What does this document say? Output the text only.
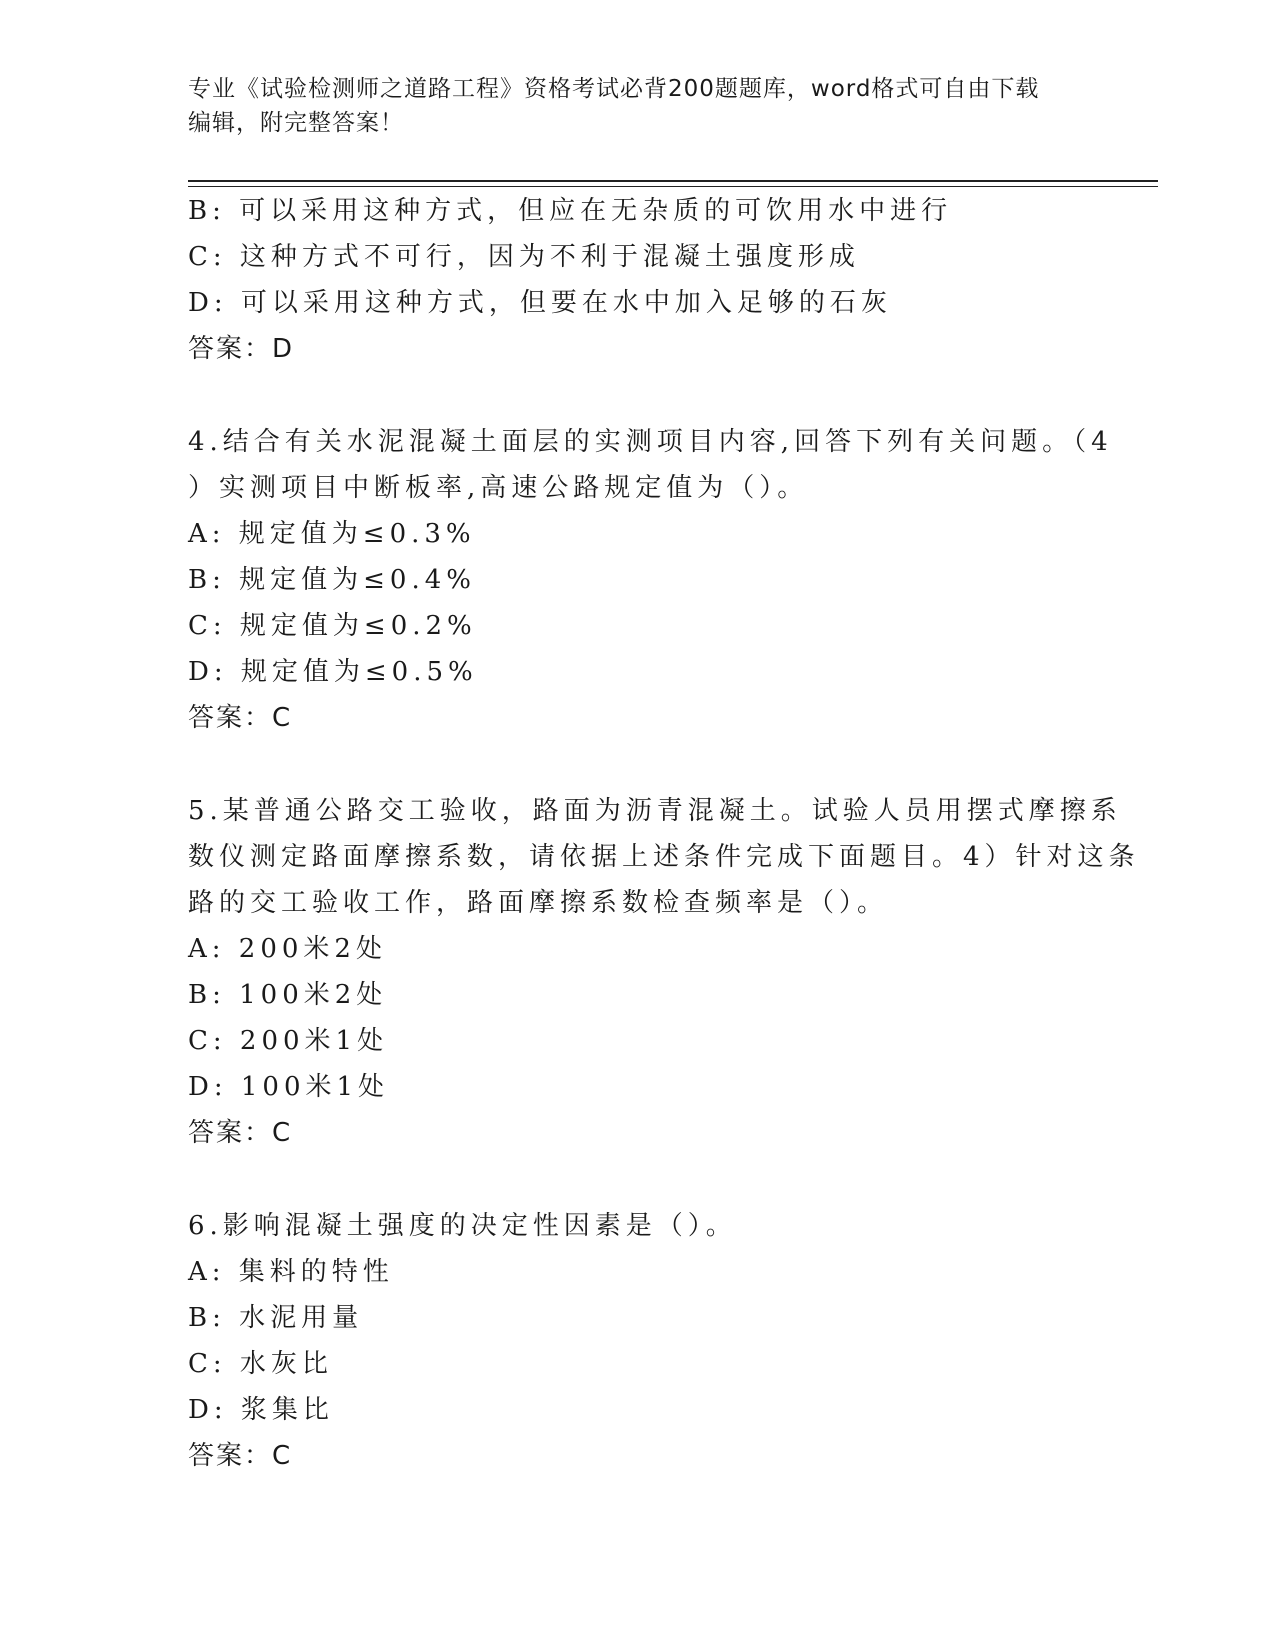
专业《试验检测师之道路工程》资格考试必背200题题库，word格式可自由下载
编辑，附完整答案！
B: 可以采用这种方式，但应在无杂质的可饮用水中进行
C: 这种方式不可行，因为不利于混凝土强度形成
D: 可以采用这种方式，但要在水中加入足够的石灰
答案：D
4.结合有关水泥混凝土面层的实测项目内容,回答下列有关问题。（4
）实测项目中断板率,高速公路规定值为（）。
A: 规定值为≤0.3%
B: 规定值为≤0.4%
C: 规定值为≤0.2%
D: 规定值为≤0.5%
答案：C
5.某普通公路交工验收，路面为沥青混凝土。试验人员用摆式摩擦系
数仪测定路面摩擦系数，请依据上述条件完成下面题目。4）针对这条
路的交工验收工作，路面摩擦系数检查频率是（）。
A: 200米2处
B: 100米2处
C: 200米1处
D: 100米1处
答案：C
6.影响混凝土强度的决定性因素是（）。
A: 集料的特性
B: 水泥用量
C: 水灰比
D: 浆集比
答案：C
